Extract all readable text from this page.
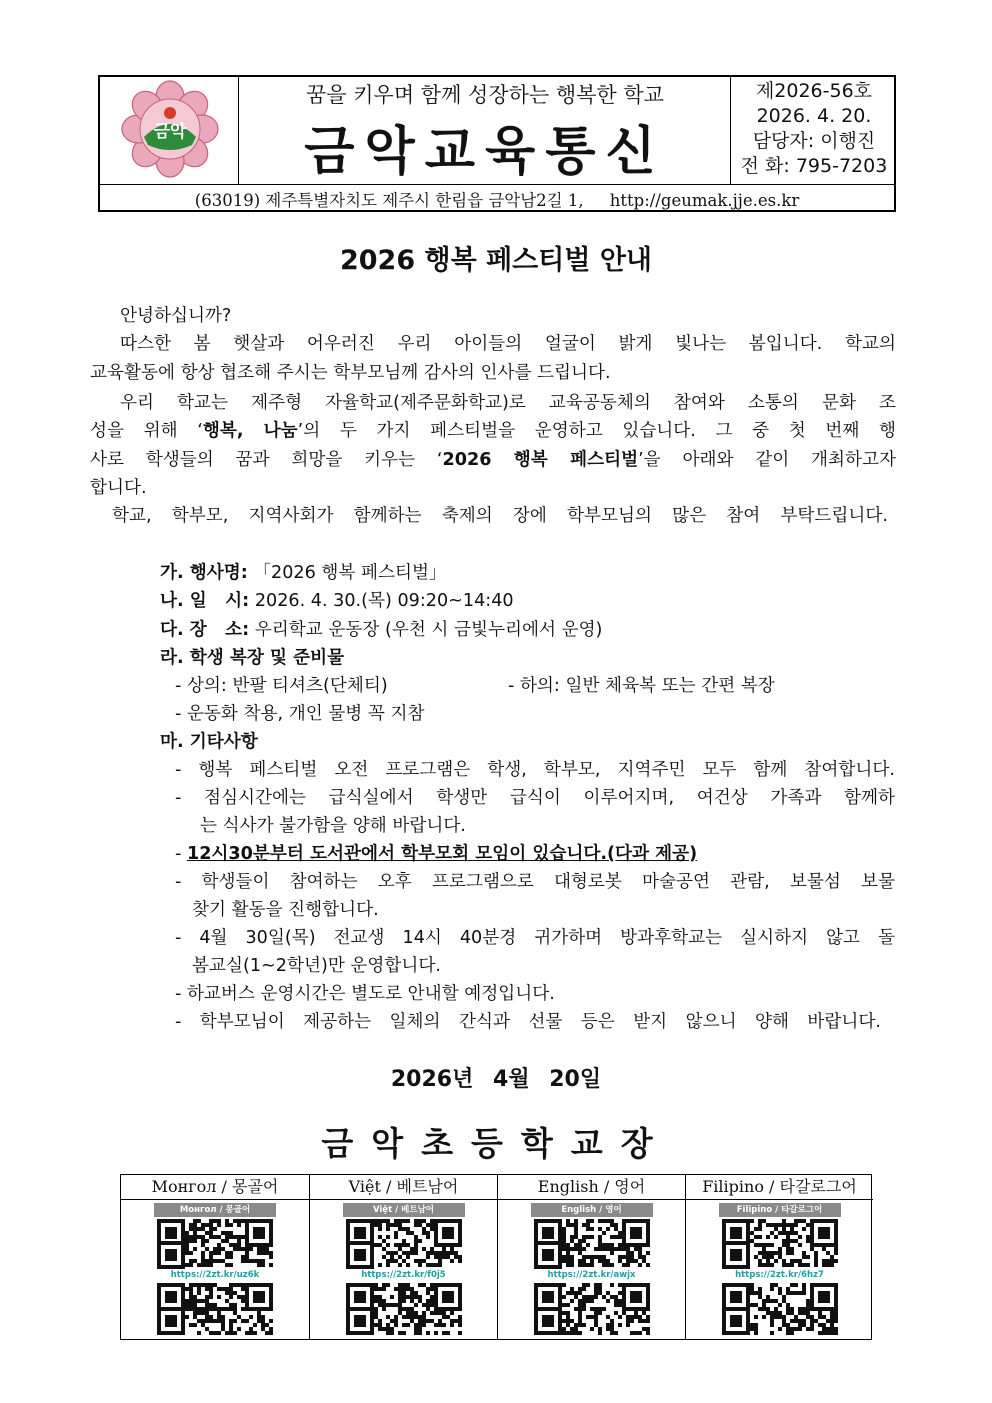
금악
꿈을 키우며 함께 성장하는 행복한 학교
금악교육통신
제2026-56호
2026. 4. 20.
담당자: 이행진
전 화: 795-7203
(63019) 제주특별자치도 제주시 한림읍 금악남2길 1,     http://geumak.jje.es.kr
2026 행복 페스티벌 안내
안녕하십니까?
따스한 봄 햇살과 어우러진 우리 아이들의 얼굴이 밝게 빛나는 봄입니다. 학교의
교육활동에 항상 협조해 주시는 학부모님께 감사의 인사를 드립니다.
우리 학교는 제주형 자율학교(제주문화학교)로 교육공동체의 참여와 소통의 문화 조
성을 위해 ‘행복, 나눔’의 두 가지 페스티벌을 운영하고 있습니다. 그 중 첫 번째 행
사로 학생들의 꿈과 희망을 키우는 ‘2026 행복 페스티벌’을 아래와 같이 개최하고자
합니다.
학교, 학부모, 지역사회가 함께하는 축제의 장에 학부모님의 많은 참여 부탁드립니다.
가. 행사명: 「2026 행복 페스티벌」
나. 일   시: 2026. 4. 30.(목) 09:20~14:40
다. 장   소: 우리학교 운동장 (우천 시 금빛누리에서 운영)
라. 학생 복장 및 준비물
- 상의: 반팔 티셔츠(단체티)	- 하의: 일반 체육복 또는 간편 복장
- 운동화 착용, 개인 물병 꼭 지참
마. 기타사항
- 행복 페스티벌 오전 프로그램은 학생, 학부모, 지역주민 모두 함께 참여합니다.
- 점심시간에는 급식실에서 학생만 급식이 이루어지며, 여건상 가족과 함께하
는 식사가 불가함을 양해 바랍니다.
- 12시30분부터 도서관에서 학부모회 모임이 있습니다.(다과 제공)
- 학생들이 참여하는 오후 프로그램으로 대형로봇 마술공연 관람, 보물섬 보물
찾기 활동을 진행합니다.
- 4월 30일(목) 전교생 14시 40분경 귀가하며 방과후학교는 실시하지 않고 돌
봄교실(1~2학년)만 운영합니다.
- 하교버스 운영시간은 별도로 안내할 예정입니다.
- 학부모님이 제공하는 일체의 간식과 선물 등은 받지 않으니 양해 바랍니다.
2026년 4월 20일
금악초등학교장
Монгол / 몽골어
Монгол / 몽골어
https://2zt.kr/uz6k
Việt / 베트남어
Việt / 베트남어
https://2zt.kr/f0j5
English / 영어
English / 영어
https://2zt.kr/awjx
Filipino / 타갈로그어
Filipino / 타갈로그어
https://2zt.kr/6hz7
